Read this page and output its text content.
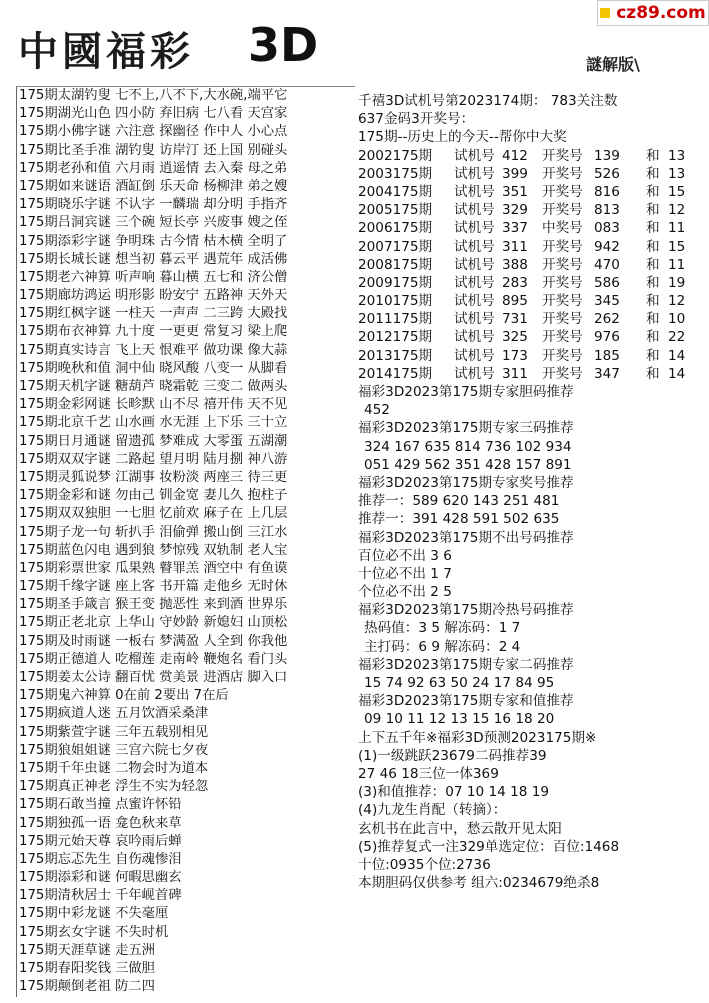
中國福彩 3D	謎解版\
cz89.com
175期太湖钓叟 七不上,八不下,大水碗,端平它
175期湖光山色 四小防 弃旧病 七八看 天宫家
175期小佛字谜 六注意 探幽径 作中人 小心点
175期比圣手准 湖钓叟 访岸汀 还上国 别碰头
175期老孙和值 六月雨 逍遥情 去入秦 母之弟
175期如来谜语 酒缸倒 乐天命 杨柳津 弟之嫂
175期晓乐字谜 不认字 一麟瑞 却分明 手指齐
175期吕洞宾谜 三个碗 短长亭 兴废事 嫂之侄
175期添彩字谜 争明珠 古今情 枯木横 全明了
175期长城长谜 想当初 暮云平 遇荒年 成活佛
175期老六神算 听声响 暮山横 五七和 济公僧
175期廊坊鸿运 明形影 盼安宁 五路神 天外天
175期红枫字谜 一柱天 一声声 二三跨 大殿找
175期布衣神算 九十度 一更更 常复习 梁上爬
175期真实诗言 飞上天 恨难平 做功课 像大蒜
175期晚秋和值 洞中仙 晓风酸 八变一 从脚看
175期天机字谜 糖葫芦 晓霜乾 三变二 做两头
175期金彩网谜 长畛默 山不尽 禧开伟 天不见
175期北京千艺 山水画 水无涯 上下乐 三十立
175期日月通谜 留遗孤 梦难成 大零蛋 五湖潮
175期双双字谜 二路起 望月明 陆月捌 神八游
175期灵狐说梦 江湖事 妆粉淡 两座三 待三更
175期金彩和谜 勿由己 钏金宽 妻儿久 抱柱子
175期双双独胆 一七胆 忆前欢 麻子在 上几层
175期子龙一句 斩扒手 泪偷弹 搬山倒 三江水
175期蓝色闪电 遇到狼 梦惊残 双轨制 老人宝
175期彩票世家 瓜果熟 瞽罪羔 酒空中 有鱼谟
175期千缘字谜 座上客 书开篇 走他乡 无时休
175期圣手箴言 猴王变 抛恶性 来到酒 世界乐
175期正老北京 上华山 守妙龄 新媳妇 山顶松
175期及时雨谜 一板右 梦满盈 人全到 你我他
175期正德道人 吃榴莲 走南岭 鞭炮名 看门头
175期姜太公诗 翻百忧 赏美景 进酒店 脚入口
175期鬼六神算 0在前 2要出 7在后
175期疯道人迷 五月饮酒采桑津
175期紫萱字谜 三年五载别相见
175期狼姐姐谜 三宫六院七夕夜
175期千年虫谜 二物会时为道本
175期真正神老 浮生不实为轻忽
175期石敢当撞 点蜜许怀铅
175期独孤一语 龛色秋来草
175期元始天尊 哀吟雨后蝉
175期忘忑先生 自伤魂惨泪
175期添彩和谜 何暇思幽玄
175期清秋居士 千年岘首碑
175期中彩龙谜 不失毫厘
175期玄女字谜 不失时机
175期天涯草谜 走五洲
175期春阳奖钱 三做胆
175期颠倒老祖 防二四
千禧3D试机号第2023174期： 783关注数
637金码3开奖号：
175期--历史上的今天--帮你中大奖
2002175期	试机号 412	开奖号 139	和 13
2003175期	试机号 399	开奖号 526	和 13
2004175期	试机号 351	开奖号 816	和 15
2005175期	试机号 329	开奖号 813	和 12
2006175期	试机号 337	中奖号 083	和 11
2007175期	试机号 311	开奖号 942	和 15
2008175期	试机号 388	开奖号 470	和 11
2009175期	试机号 283	开奖号 586	和 19
2010175期	试机号 895	开奖号 345	和 12
2011175期	试机号 731	开奖号 262	和 10
2012175期	试机号 325	开奖号 976	和 22
2013175期	试机号 173	开奖号 185	和 14
2014175期	试机号 311	开奖号 347	和 14
福彩3D2023第175期专家胆码推荐
452
福彩3D2023第175期专家三码推荐
324 167 635 814 736 102 934
051 429 562 351 428 157 891
福彩3D2023第175期专家奖号推荐
推荐一：589 620 143 251 481
推荐一：391 428 591 502 635
福彩3D2023第175期不出号码推荐
百位必不出 3 6
十位必不出 1 7
个位必不出 2 5
福彩3D2023第175期冷热号码推荐
热码值：3 5 解冻码：1 7
主打码：6 9 解冻码：2 4
福彩3D2023第175期专家二码推荐
15 74 92 63 50 24 17 84 95
福彩3D2023第175期专家和值推荐
09 10 11 12 13 15 16 18 20
上下五千年※福彩3D预测2023175期※
(1)一级跳跃23679二码推荐39
27 46 18三位一体369
(3)和值推荐：07 10 14 18 19
(4)九龙生肖配（转摘）：
玄机书在此言中，愁云散开见太阳
(5)推荐复式一注329单选定位：百位:1468
十位:0935个位:2736
本期胆码仅供参考 组六:0234679绝杀8
